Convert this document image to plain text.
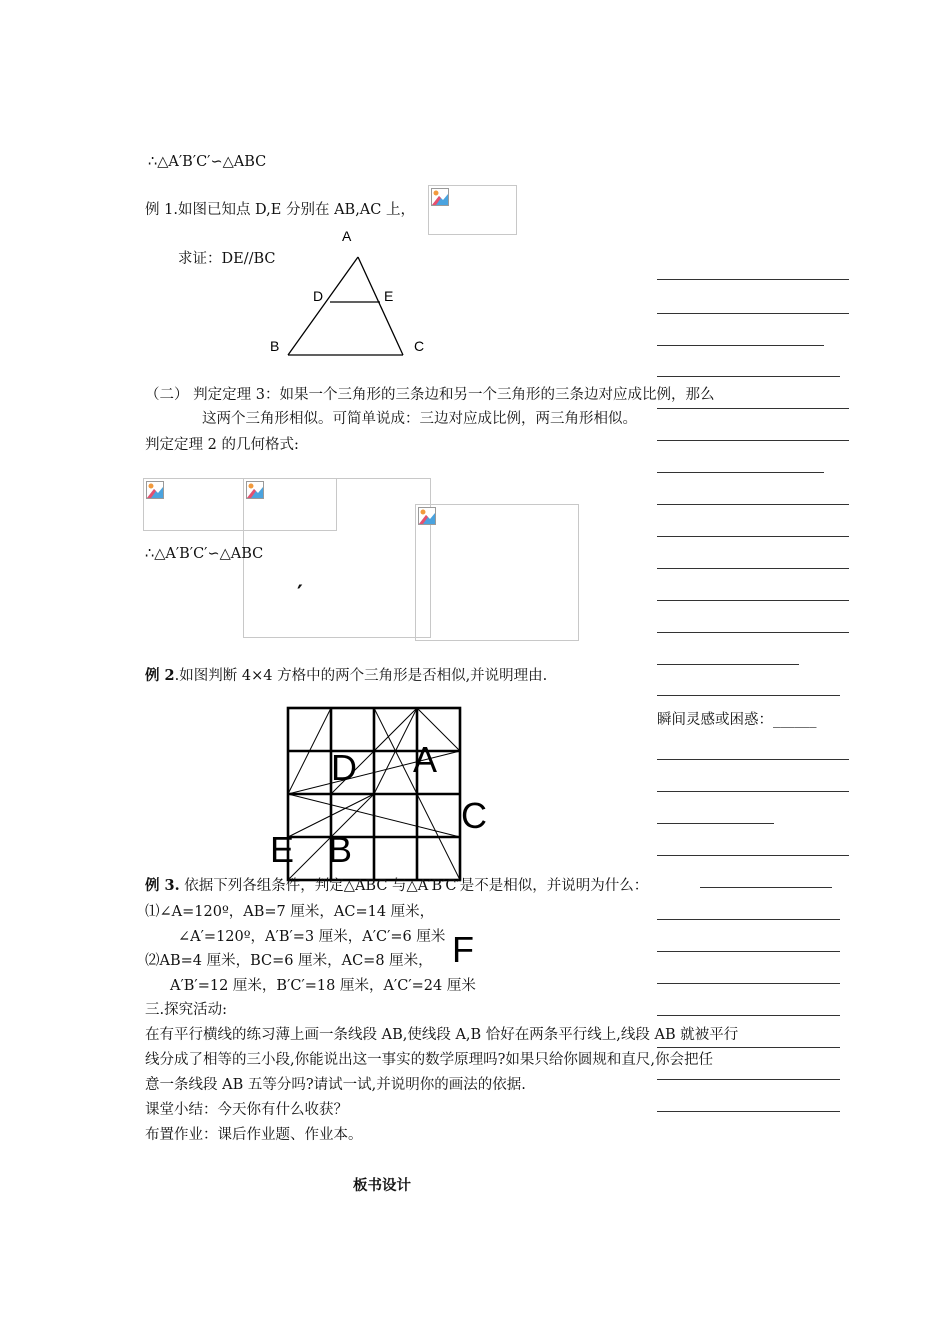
∴△A′B′C′∽△ABC
例 1.如图已知点 D,E 分别在 AB,AC 上，
求证：DE//BC
A
D	E
B	C
（二） 判定定理 3：如果一个三角形的三条边和另一个三角形的三条边对应成比例，那么
这两个三角形相似。可简单说成：三边对应成比例，两三角形相似。
判定定理 2 的几何格式:
∴△A′B′C′∽△ABC
′
例 2.如图判断 4×4 方格中的两个三角形是否相似,并说明理由.
D A
C
E B
F
例 3. 依据下列各组条件，判定△ABC 与△A′B′C′是不是相似，并说明为什么：
⑴∠A=120º，AB=7 厘米，AC=14 厘米，
∠A′=120º，A′B′=3 厘米，A′C′=6 厘米
⑵AB=4 厘米，BC=6 厘米，AC=8 厘米，
A′B′=12 厘米，B′C′=18 厘米，A′C′=24 厘米
三.探究活动:
在有平行横线的练习薄上画一条线段 AB,使线段 A,B 恰好在两条平行线上,线段 AB 就被平行
线分成了相等的三小段,你能说出这一事实的数学原理吗?如果只给你圆规和直尺,你会把任
意一条线段 AB 五等分吗?请试一试,并说明你的画法的依据.
课堂小结：今天你有什么收获？
布置作业：课后作业题、作业本。
板书设计
瞬间灵感或困惑：______
